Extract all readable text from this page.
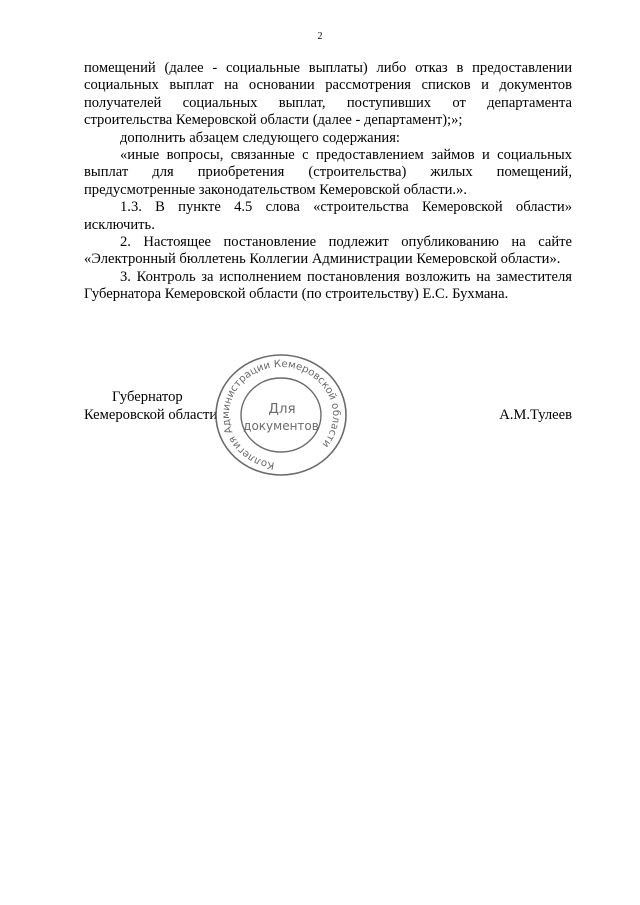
2

помещений (далее - социальные выплаты) либо отказ в предоставлении социальных выплат на основании рассмотрения списков и документов получателей социальных выплат, поступивших от департамента строительства Кемеровской области (далее - департамент);»;

дополнить абзацем следующего содержания:

«иные вопросы, связанные с предоставлением займов и социальных выплат для приобретения (строительства) жилых помещений, предусмотренные законодательством Кемеровской области.».

1.3. В пункте 4.5 слова «строительства Кемеровской области» исключить.

2. Настоящее постановление подлежит опубликованию на сайте «Электронный бюллетень Коллегии Администрации Кемеровской области».

3. Контроль за исполнением постановления возложить на заместителя Губернатора Кемеровской области (по строительству) Е.С. Бухмана.

Губернатор
Кемеровской области	А.М.Тулеев
Коллегия Администрации Кемеровской области
Для
документов
